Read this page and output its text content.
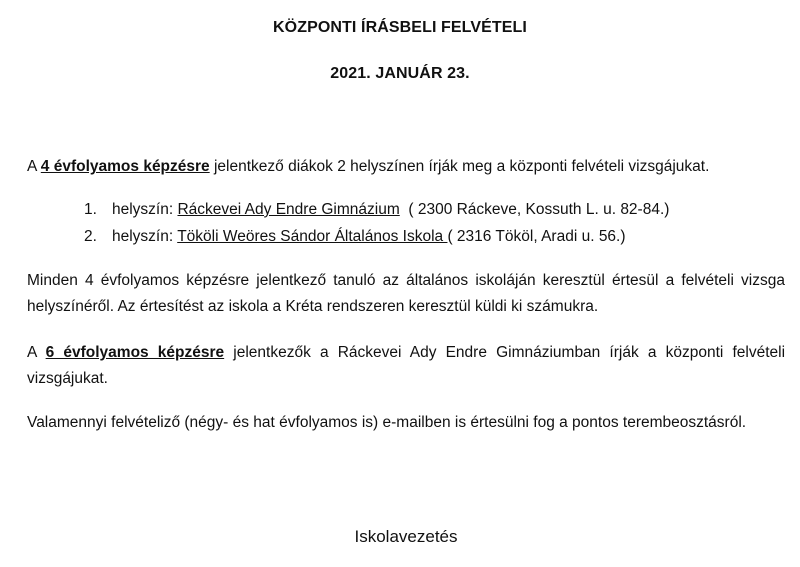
KÖZPONTI ÍRÁSBELI FELVÉTELI
2021. JANUÁR 23.

A 4 évfolyamos képzésre jelentkező diákok 2 helyszínen írják meg a központi felvételi vizsgájukat.

1. helyszín: Ráckevei Ady Endre Gimnázium  ( 2300 Ráckeve, Kossuth L. u. 82-84.)
2. helyszín: Tököli Weöres Sándor Általános Iskola ( 2316 Tököl, Aradi u. 56.)

Minden 4 évfolyamos képzésre jelentkező tanuló az általános iskoláján keresztül értesül a felvételi vizsga helyszínéről. Az értesítést az iskola a Kréta rendszeren keresztül küldi ki számukra.

A 6 évfolyamos képzésre jelentkezők a Ráckevei Ady Endre Gimnáziumban írják a központi felvételi vizsgájukat.

Valamennyi felvételiző (négy- és hat évfolyamos is) e-mailben is értesülni fog a pontos terembeosztásról.

Iskolavezetés
